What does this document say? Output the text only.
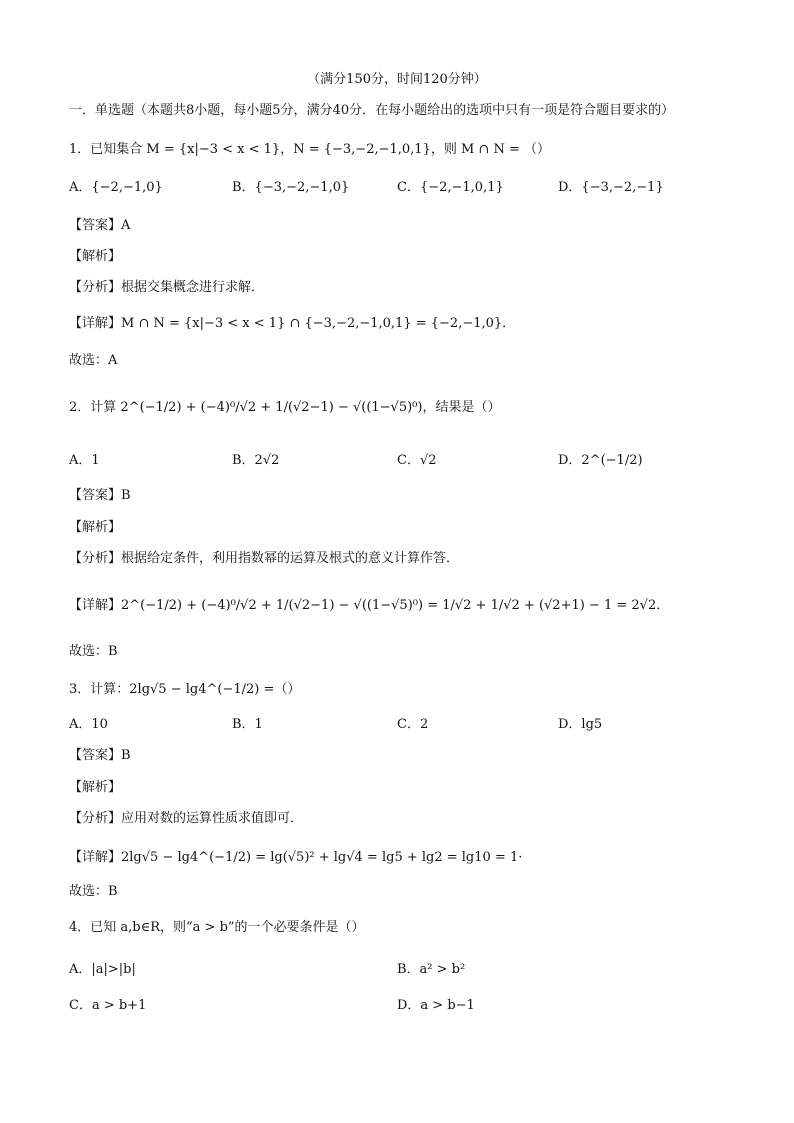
（满分150分，时间120分钟）
一．单选题（本题共8小题，每小题5分，满分40分．在每小题给出的选项中只有一项是符合题目要求的）
1．已知集合 M = {x|−3 < x < 1}，N = {−3,−2,−1,0,1}，则 M ∩ N = （）
A．{−2,−1,0}	B．{−3,−2,−1,0}	C．{−2,−1,0,1}	D．{−3,−2,−1}
【答案】A
【解析】
【分析】根据交集概念进行求解．
【详解】M ∩ N = {x|−3 < x < 1} ∩ {−3,−2,−1,0,1} = {−2,−1,0}．
故选：A
2．计算 2^(−1/2) + (−4)⁰/√2 + 1/(√2−1) − √((1−√5)⁰)，结果是（）
A．1	B．2√2	C．√2	D．2^(−1/2)
【答案】B
【解析】
【分析】根据给定条件，利用指数幂的运算及根式的意义计算作答．
【详解】2^(−1/2) + (−4)⁰/√2 + 1/(√2−1) − √((1−√5)⁰) = 1/√2 + 1/√2 + (√2+1) − 1 = 2√2．
故选：B
3．计算：2lg√5 − lg4^(−1/2) =（）
A．10	B．1	C．2	D．lg5
【答案】B
【解析】
【分析】应用对数的运算性质求值即可．
【详解】2lg√5 − lg4^(−1/2) = lg(√5)² + lg√4 = lg5 + lg2 = lg10 = 1·
故选：B
4．已知 a,b∈R，则“a > b”的一个必要条件是（）
A．|a|>|b|	B．a² > b²
C．a > b+1	D．a > b−1
